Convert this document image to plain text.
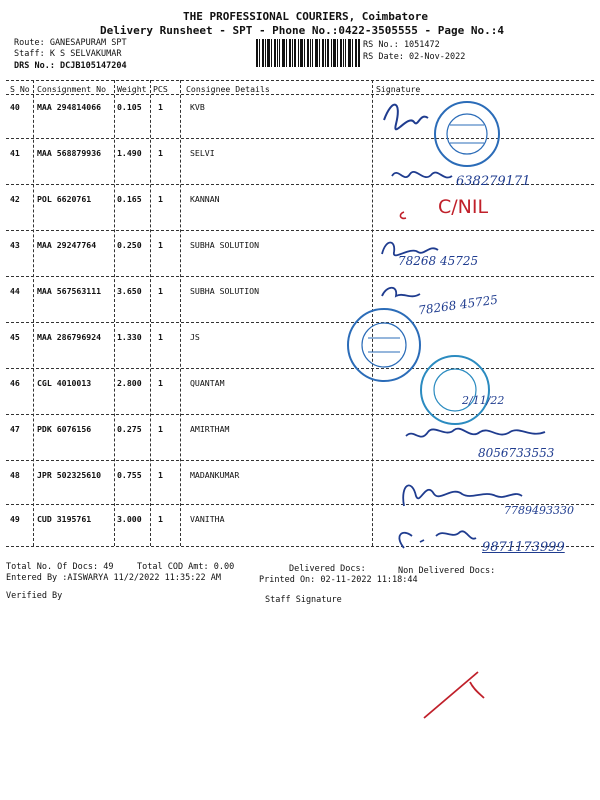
THE PROFESSIONAL COURIERS, Coimbatore
Delivery Runsheet - SPT - Phone No.:0422-3505555 - Page No.:4
Route: GANESAPURAM SPT
Staff: K S SELVAKUMAR
DRS No.: DCJB105147204
RS No.: 1051472
RS Date: 02-Nov-2022
S No Consignment No Weight PCS Consignee Details	Signature
40 MAA 294814066 0.105 1	KVB
41 MAA 568879936 1.490 1	SELVI
42 POL 6620761	0.165 1	KANNAN
43 MAA 29247764	0.250 1	SUBHA SOLUTION
44 MAA 567563111 3.650 1	SUBHA SOLUTION
45 MAA 286796924 1.330 1	JS
46 CGL 4010013	2.800 1	QUANTAM
47 PDK 6076156	0.275 1	AMIRTHAM
48 JPR 502325610 0.755 1	MADANKUMAR
49 CUD 3195761	3.000 1	VANITHA
638279171
C/NIL
78268 45725
78268 45725
2/11/22
8056733553
7789493330
9871173999
Total No. Of Docs: 49	Total COD Amt: 0.00	Delivered Docs:	Non Delivered Docs:
Entered By :AISWARYA 11/2/2022 11:35:22 AM	Printed On: 02-11-2022 11:18:44
Verified By	Staff Signature
